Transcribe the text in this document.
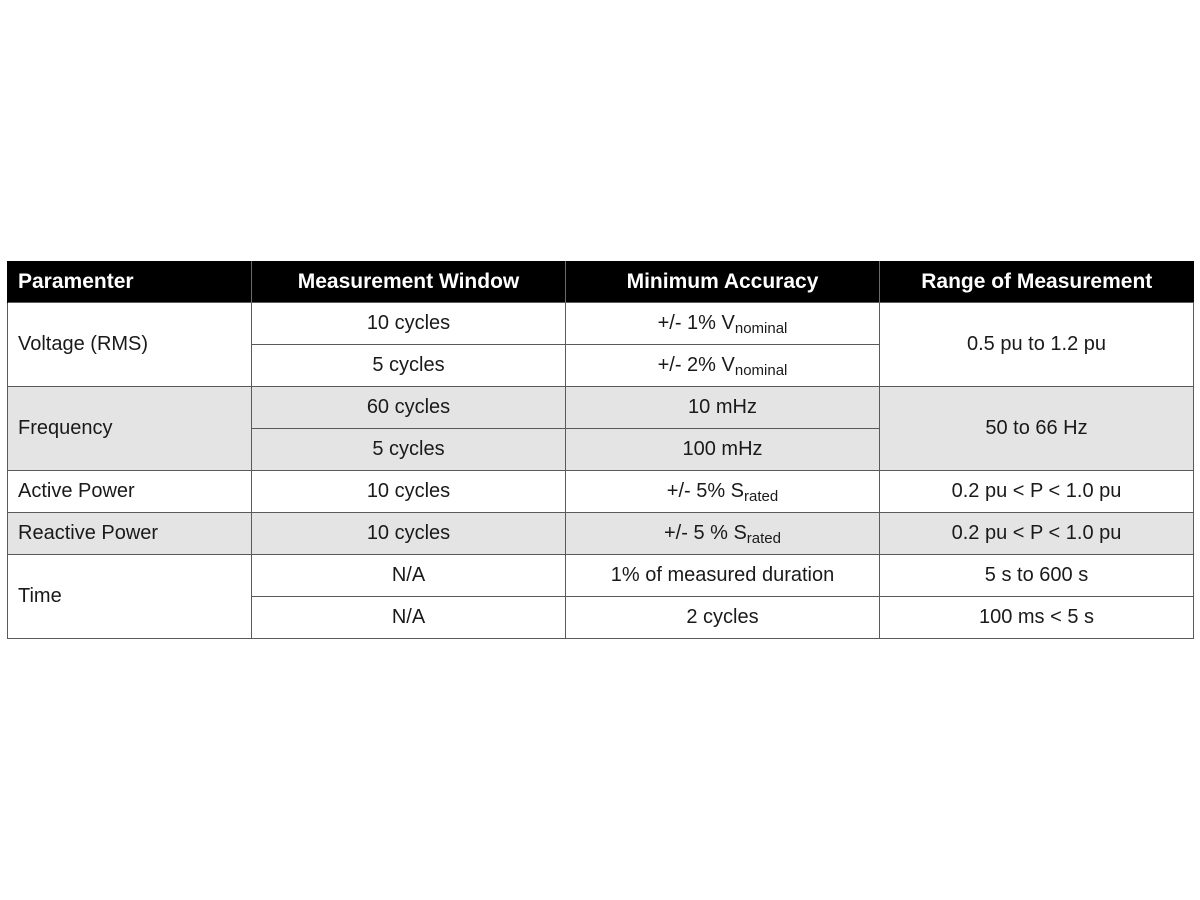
Paramenter	Measurement Window	Minimum Accuracy	Range of Measurement
Voltage (RMS)	10 cycles	+/- 1% $V_{nominal}$	0.5 pu to 1.2 pu
	5 cycles	+/- 2% $V_{nominal}$
Frequency	60 cycles	10 mHz	50 to 66 Hz
	5 cycles	100 mHz	
Active Power	10 cycles	+/- 5% $S_{rated}$	0.2 pu < P < 1.0 pu
Reactive Power	10 cycles	+/- 5 % $S_{rated}$	0.2 pu < P < 1.0 pu
Time	N/A	1% of measured duration	5 s to 600 s
	N/A	2 cycles	100 ms < 5 s
